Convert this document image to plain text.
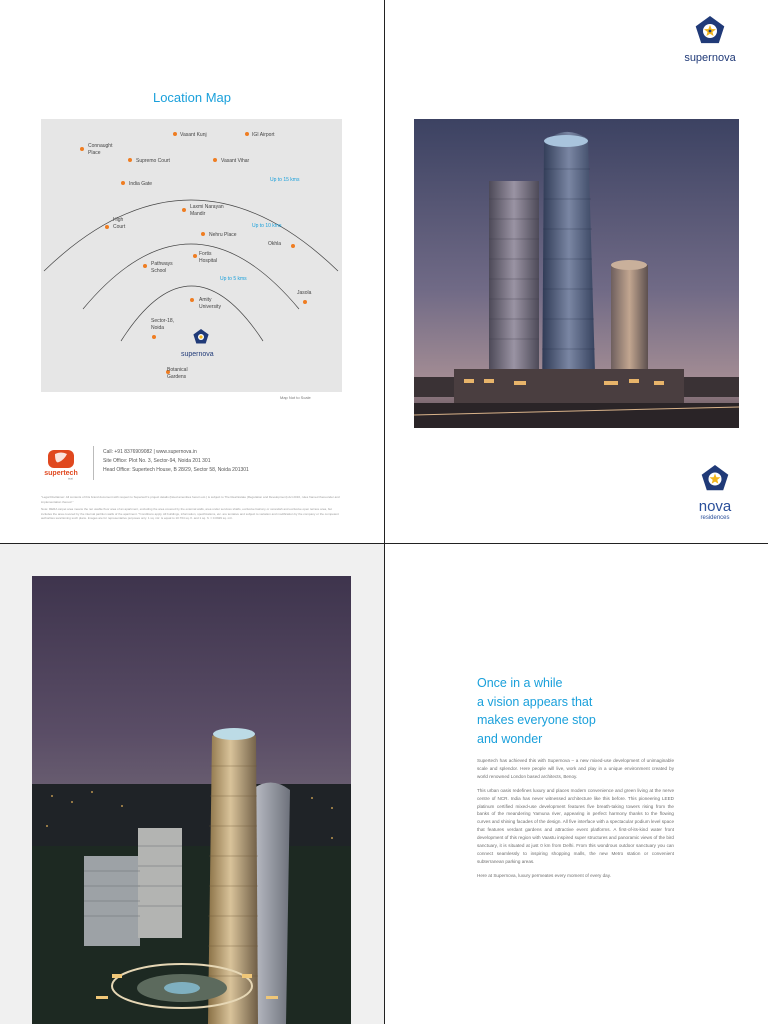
Location Map
Vasant Kunj	IGI Airport
Connaught
Place
Supremo Court	Vasant Vihar
India Gate
Up to 15 kms
Laxmi Narayan
Mandir
High
Court	Up to 10 kms
Nehru Place
Okhla
Pathways
School
Fortis
Hospital
Up to 5 kms
Jasola
Amity
University
Sector-18,
Noida
supernova
Botanical
Gardens
Map Not to Scale
supertech
trust
Call: +91 8376909082 | www.supernova.in
Site Office: Plot No. 3, Sector-94, Noida 201 301
Head Office: Supertech House, B 28/29, Sector 58, Noida 201301
"Legal Disclaimer: All contents of this brand document with respect to Supertech's project details (listed amenities herein etc.) is subject to The Real Estate (Regulation and Development) Act 2016, rules framed thereunder and implementation thereof."
Note: RERA carpet area means the net usable floor area of an apartment, excluding the area covered by the external walls, area under services shafts, exclusive balcony or verandah and exclusive open terrace area, but includes the area covered by the internal partition walls of the apartment. *Conditions apply. All buildings, information, specifications, etc. are tentative and subject to variation and modification by the company or the competent authorities sanctioning such plans. Images are for representative purposes only. 1 sq. mtr. is equal to 10.764 sq. ft. and 1 sq. ft. = 0.0929 sq. mtr.
supernova
nova
residences
Once in a while
a vision appears that
makes everyone stop
and wonder

Supertech has achieved this with Supernova – a new mixed-use development of unimaginable scale and splendor. Here people will live, work and play in a unique environment created by world renowned London based architects, Benoy.

This urban oasis redefines luxury and places modern convenience and green living at the nerve centre of NCR. India has never witnessed architecture like this before. This pioneering LEED platinum certified mixed-use development features five breath-taking towers rising from the banks of the meandering Yamuna river, appearing in perfect harmony thanks to the flowing curves and shining facades of the design. All five interface with a spectacular podium level space that features verdant gardens and attractive event platforms. A first-of-its-kind water front development of this region with Vaastu inspired super structures and panoramic views of the bird sanctuary, it is situated at just 0 km from Delhi. From this wondrous outdoor sanctuary you can connect seamlessly to inspiring shopping malls, the new Metro station or convenient subterranean parking areas.

Here at Supernova, luxury permeates every moment of every day.
